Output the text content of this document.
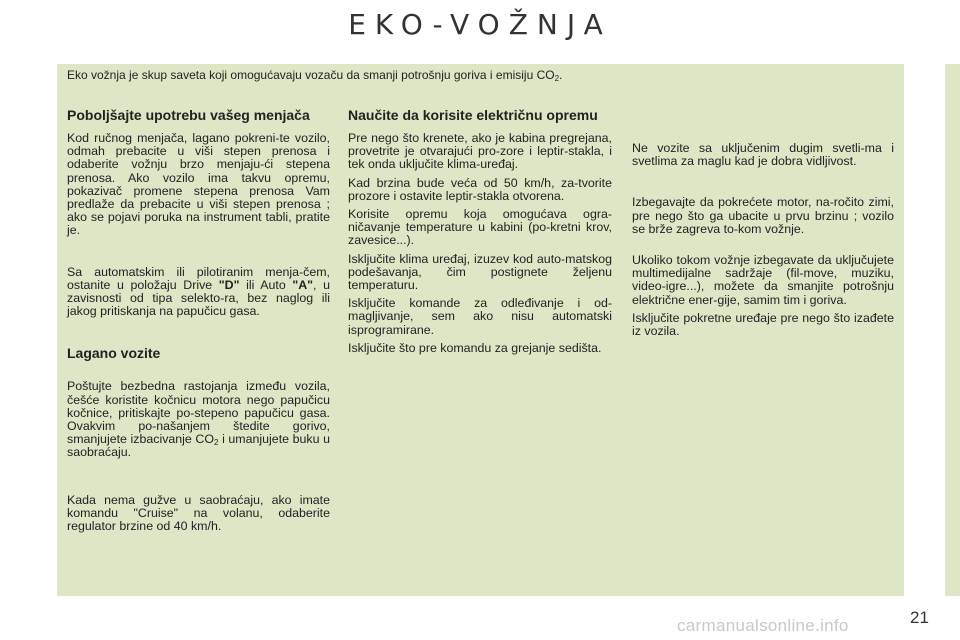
EKO-VOŽNJA
Eko vožnja je skup saveta koji omogućavaju vozaču da smanji potrošnju goriva i emisiju $CO_2$.
Poboljšajte upotrebu vašeg menjača

Kod ručnog menjača, lagano pokreni-te vozilo, odmah prebacite u viši stepen prenosa i odaberite vožnju brzo menjaju-ći stepena prenosa. Ako vozilo ima takvu opremu, pokazivač promene stepena prenosa Vam predlaže da prebacite u viši stepen prenosa ; ako se pojavi poruka na instrument tabli, pratite je.

Sa automatskim ili pilotiranim menja-čem, ostanite u položaju Drive "D" ili Auto "A", u zavisnosti od tipa selekto-ra, bez naglog ili jakog pritiskanja na papučicu gasa.

Lagano vozite

Poštujte bezbedna rastojanja između vozila, češće koristite kočnicu motora nego papučicu kočnice, pritiskajte po-stepeno papučicu gasa. Ovakvim po-našanjem štedite gorivo, smanjujete izbacivanje $CO_2$ i umanjujete buku u saobraćaju.

Kada nema gužve u saobraćaju, ako imate komandu "Cruise" na volanu, odaberite regulator brzine od 40 km/h.

Naučite da korisite električnu opremu

Pre nego što krenete, ako je kabina pregrejana, provetrite je otvarajući pro-zore i leptir-stakla, i tek onda uključite klima-uređaj.

Kad brzina bude veća od 50 km/h, za-tvorite prozore i ostavite leptir-stakla otvorena.

Korisite opremu koja omogućava ogra-ničavanje temperature u kabini (po-kretni krov, zavesice...).

Isključite klima uređaj, izuzev kod auto-matskog podešavanja, čim postignete željenu temperaturu.

Isključite komande za odleđivanje i od-magljivanje, sem ako nisu automatski isprogramirane.

Isključite što pre komandu za grejanje sedišta.

Ne vozite sa uključenim dugim svetli-ma i svetlima za maglu kad je dobra vidljivost.

Izbegavajte da pokrećete motor, na-ročito zimi, pre nego što ga ubacite u prvu brzinu ; vozilo se brže zagreva to-kom vožnje.

Ukoliko tokom vožnje izbegavate da uključujete multimedijalne sadržaje (fil-move, muziku, video-igre...), možete da smanjite potrošnju električne ener-gije, samim tim i goriva.

Isključite pokretne uređaje pre nego što izađete iz vozila.

carmanualsonline.info	21
